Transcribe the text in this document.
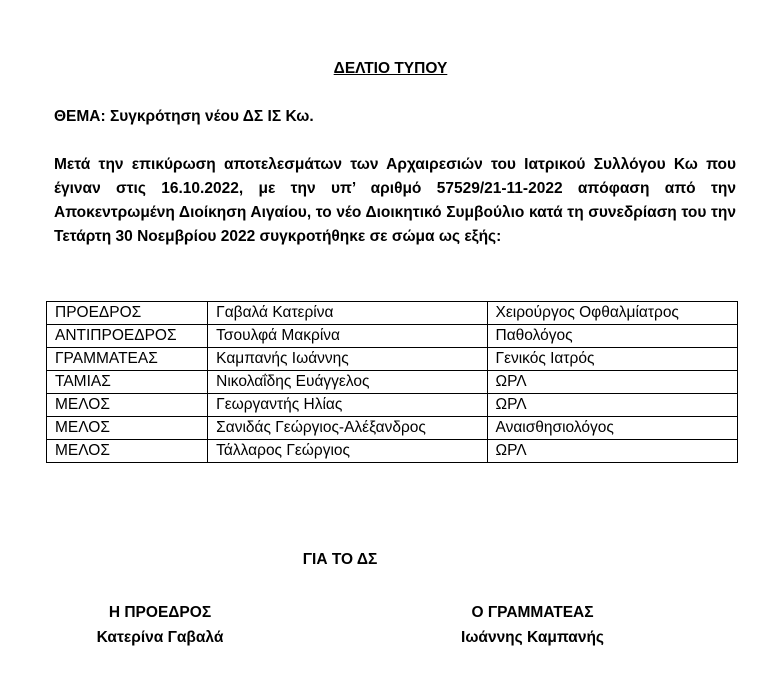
ΔΕΛΤΙΟ ΤΥΠΟΥ
ΘΕΜΑ: Συγκρότηση νέου ΔΣ ΙΣ Κω.

Μετά την επικύρωση αποτελεσμάτων των Αρχαιρεσιών του Ιατρικού Συλλόγου Κω που έγιναν στις 16.10.2022, με την υπ’ αριθμό 57529/21-11-2022 απόφαση από την Αποκεντρωμένη Διοίκηση Αιγαίου, το νέο Διοικητικό Συμβούλιο κατά τη συνεδρίαση του την Τετάρτη 30 Νοεμβρίου 2022 συγκροτήθηκε σε σώμα ως εξής:

ΠΡΟΕΔΡΟΣ	Γαβαλά Κατερίνα	Χειρούργος Οφθαλμίατρος
ΑΝΤΙΠΡΟΕΔΡΟΣ	Τσουλφά Μακρίνα	Παθολόγος
ΓΡΑΜΜΑΤΕΑΣ	Καμπανής Ιωάννης	Γενικός Ιατρός
ΤΑΜΙΑΣ	Νικολαΐδης Ευάγγελος	ΩΡΛ
ΜΕΛΟΣ	Γεωργαντής Ηλίας	ΩΡΛ
ΜΕΛΟΣ	Σανιδάς Γεώργιος-Αλέξανδρος	Αναισθησιολόγος
ΜΕΛΟΣ	Τάλλαρος Γεώργιος	ΩΡΛ
ΓΙΑ ΤΟ ΔΣ
Η ΠΡΟΕΔΡΟΣ
Κατερίνα Γαβαλά
Ο ΓΡΑΜΜΑΤΕΑΣ
Ιωάννης Καμπανής
